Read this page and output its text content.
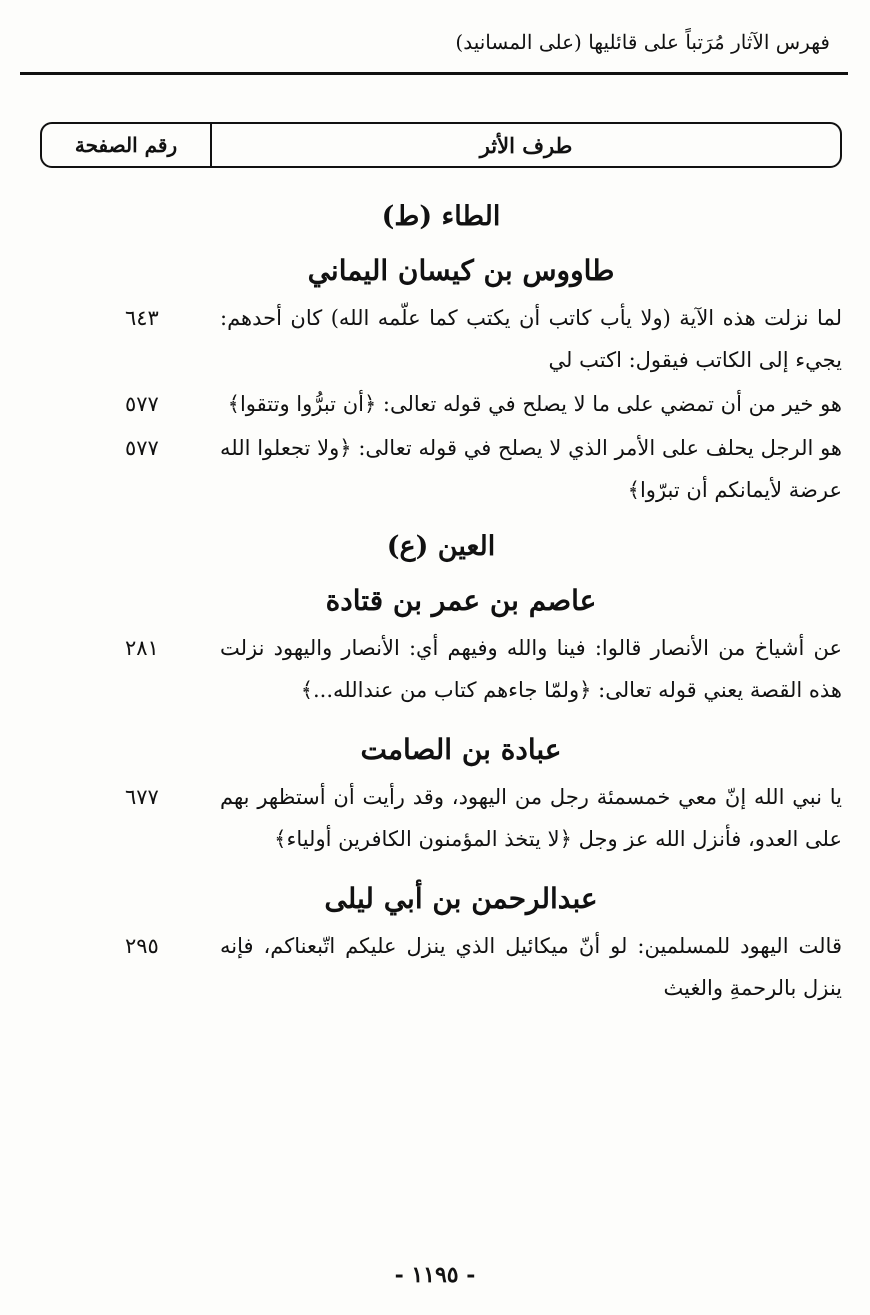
فهرس الآثار مُرَتباً على قائليها (على المسانيد)
طرف الأثر
رقم الصفحة
الطاء (ط)
طاووس بن كيسان اليماني
لما نزلت هذه الآية (ولا يأب كاتب أن يكتب كما علّمه الله) كان أحدهم: يجيء إلى الكاتب فيقول: اكتب لي
٦٤٣
هو خير من أن تمضي على ما لا يصلح في قوله تعالى: ﴿أن تبرُّوا وتتقوا﴾
٥٧٧
هو الرجل يحلف على الأمر الذي لا يصلح في قوله تعالى: ﴿ولا تجعلوا الله عرضة لأيمانكم أن تبرّوا﴾
٥٧٧
العين (ع)
عاصم بن عمر بن قتادة
عن أشياخ من الأنصار قالوا: فينا والله وفيهم أي: الأنصار واليهود نزلت هذه القصة يعني قوله تعالى: ﴿ولمّا جاءهم كتاب من عندالله...﴾
٢٨١
عبادة بن الصامت
يا نبي الله إنّ معي خمسمئة رجل من اليهود، وقد رأيت أن أستظهر بهم على العدو، فأنزل الله عز وجل ﴿لا يتخذ المؤمنون الكافرين أولياء﴾
٦٧٧
عبدالرحمن بن أبي ليلى
قالت اليهود للمسلمين: لو أنّ ميكائيل الذي ينزل عليكم اتّبعناكم، فإنه ينزل بالرحمةِ والغيث
٢٩٥
- ١١٩٥ -
